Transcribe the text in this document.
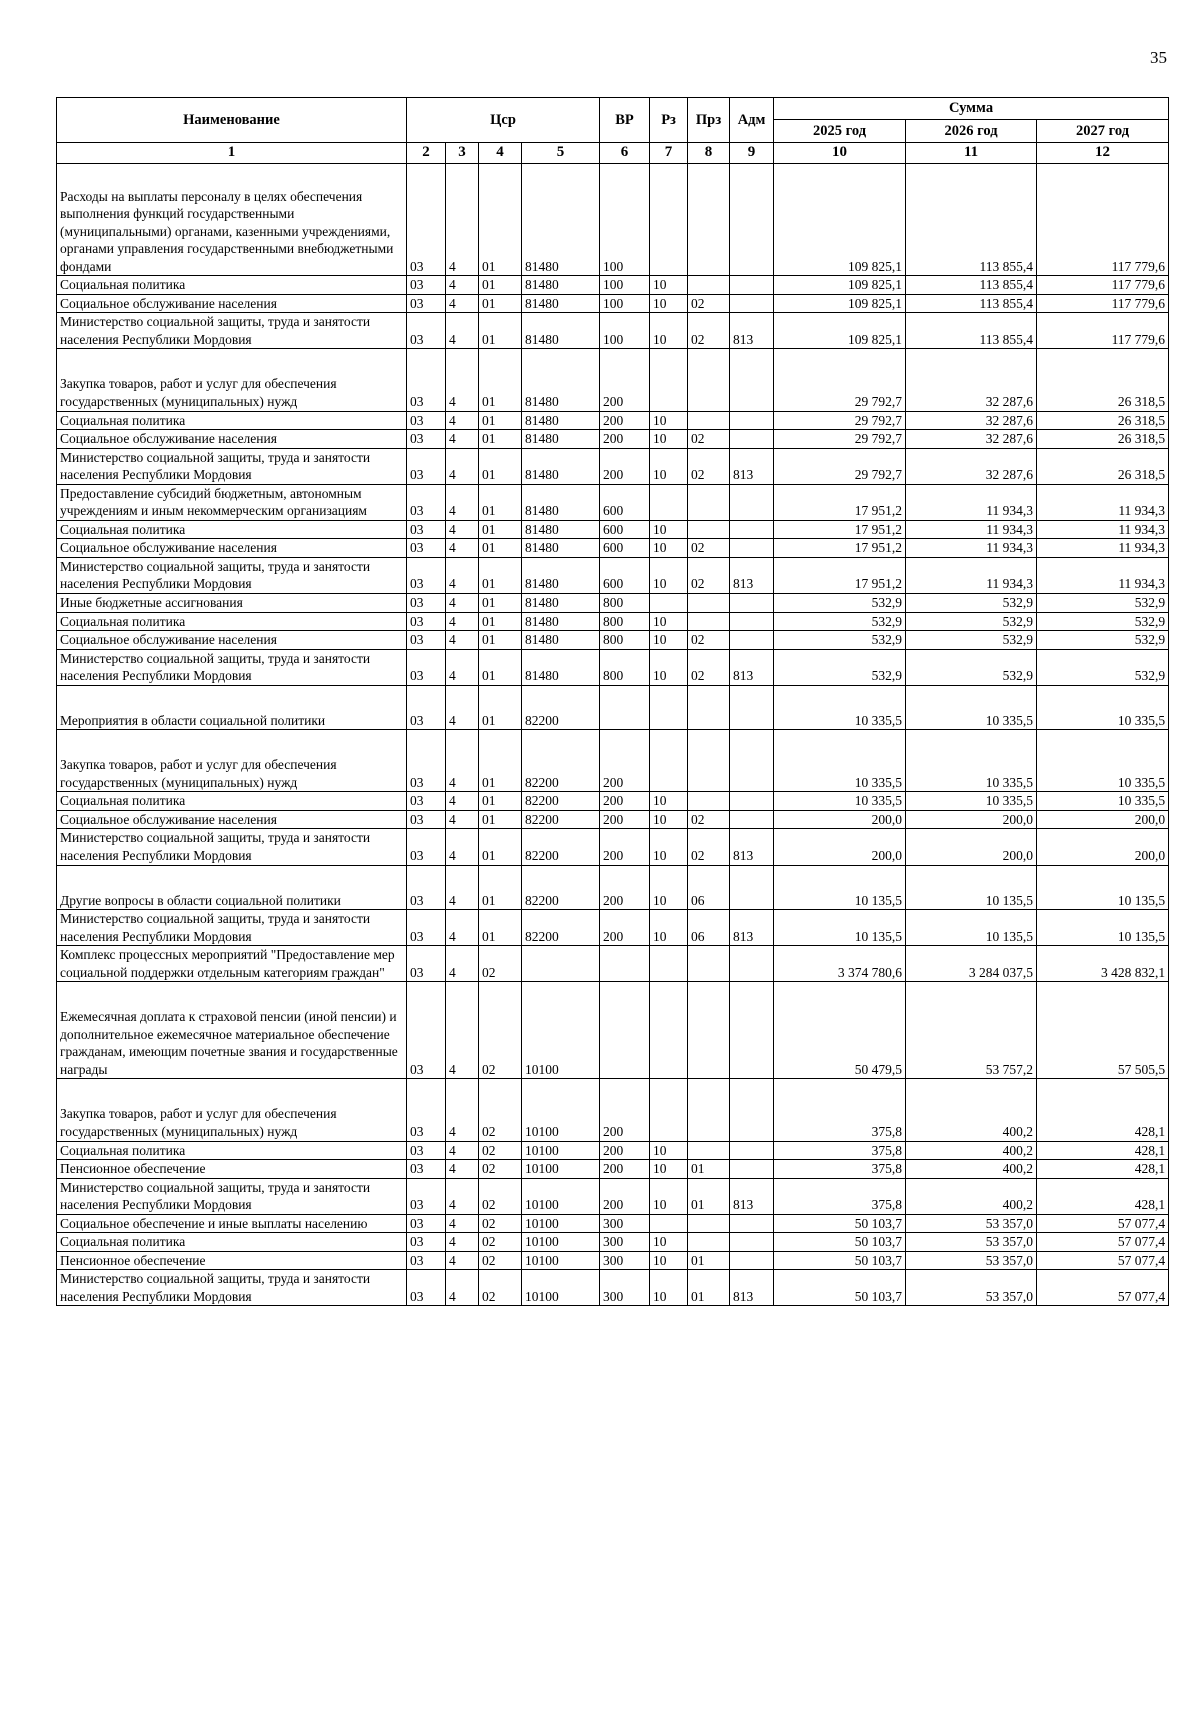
35
Наименование	Цср				ВР	Рз	Прз	Адм	Сумма		
									2025 год	2026 год	2027 год
1	2	3	4	5	6	7	8	9	10	11	12
Расходы на выплаты персоналу в целях обеспечения выполнения функций государственными (муниципальными) органами, казенными учреждениями, органами управления государственными внебюджетными фондами	03	4	01	81480	100				109 825,1	113 855,4	117 779,6
Социальная политика	03	4	01	81480	100	10			109 825,1	113 855,4	117 779,6
Социальное обслуживание населения	03	4	01	81480	100	10	02		109 825,1	113 855,4	117 779,6
Министерство социальной защиты, труда и занятости населения Республики Мордовия	03	4	01	81480	100	10	02	813	109 825,1	113 855,4	117 779,6
Закупка товаров, работ и услуг для обеспечения государственных (муниципальных) нужд	03	4	01	81480	200				29 792,7	32 287,6	26 318,5
Социальная политика	03	4	01	81480	200	10			29 792,7	32 287,6	26 318,5
Социальное обслуживание населения	03	4	01	81480	200	10	02		29 792,7	32 287,6	26 318,5
Министерство социальной защиты, труда и занятости населения Республики Мордовия	03	4	01	81480	200	10	02	813	29 792,7	32 287,6	26 318,5
Предоставление субсидий бюджетным, автономным учреждениям и иным некоммерческим организациям	03	4	01	81480	600				17 951,2	11 934,3	11 934,3
Социальная политика	03	4	01	81480	600	10			17 951,2	11 934,3	11 934,3
Социальное обслуживание населения	03	4	01	81480	600	10	02		17 951,2	11 934,3	11 934,3
Министерство социальной защиты, труда и занятости населения Республики Мордовия	03	4	01	81480	600	10	02	813	17 951,2	11 934,3	11 934,3
Иные бюджетные ассигнования	03	4	01	81480	800				532,9	532,9	532,9
Социальная политика	03	4	01	81480	800	10			532,9	532,9	532,9
Социальное обслуживание населения	03	4	01	81480	800	10	02		532,9	532,9	532,9
Министерство социальной защиты, труда и занятости населения Республики Мордовия	03	4	01	81480	800	10	02	813	532,9	532,9	532,9
Мероприятия в области социальной политики	03	4	01	82200					10 335,5	10 335,5	10 335,5
Закупка товаров, работ и услуг для обеспечения государственных (муниципальных) нужд	03	4	01	82200	200				10 335,5	10 335,5	10 335,5
Социальная политика	03	4	01	82200	200	10			10 335,5	10 335,5	10 335,5
Социальное обслуживание населения	03	4	01	82200	200	10	02		200,0	200,0	200,0
Министерство социальной защиты, труда и занятости населения Республики Мордовия	03	4	01	82200	200	10	02	813	200,0	200,0	200,0
Другие вопросы в области социальной политики	03	4	01	82200	200	10	06		10 135,5	10 135,5	10 135,5
Министерство социальной защиты, труда и занятости населения Республики Мордовия	03	4	01	82200	200	10	06	813	10 135,5	10 135,5	10 135,5
Комплекс процессных мероприятий "Предоставление мер социальной поддержки отдельным категориям граждан"	03	4	02						3 374 780,6	3 284 037,5	3 428 832,1
Ежемесячная доплата к страховой пенсии (иной пенсии) и дополнительное ежемесячное материальное обеспечение гражданам, имеющим почетные звания и государственные награды	03	4	02	10100					50 479,5	53 757,2	57 505,5
Закупка товаров, работ и услуг для обеспечения государственных (муниципальных) нужд	03	4	02	10100	200				375,8	400,2	428,1
Социальная политика	03	4	02	10100	200	10			375,8	400,2	428,1
Пенсионное обеспечение	03	4	02	10100	200	10	01		375,8	400,2	428,1
Министерство социальной защиты, труда и занятости населения Республики Мордовия	03	4	02	10100	200	10	01	813	375,8	400,2	428,1
Социальное обеспечение и иные выплаты населению	03	4	02	10100	300				50 103,7	53 357,0	57 077,4
Социальная политика	03	4	02	10100	300	10			50 103,7	53 357,0	57 077,4
Пенсионное обеспечение	03	4	02	10100	300	10	01		50 103,7	53 357,0	57 077,4
Министерство социальной защиты, труда и занятости населения Республики Мордовия	03	4	02	10100	300	10	01	813	50 103,7	53 357,0	57 077,4
